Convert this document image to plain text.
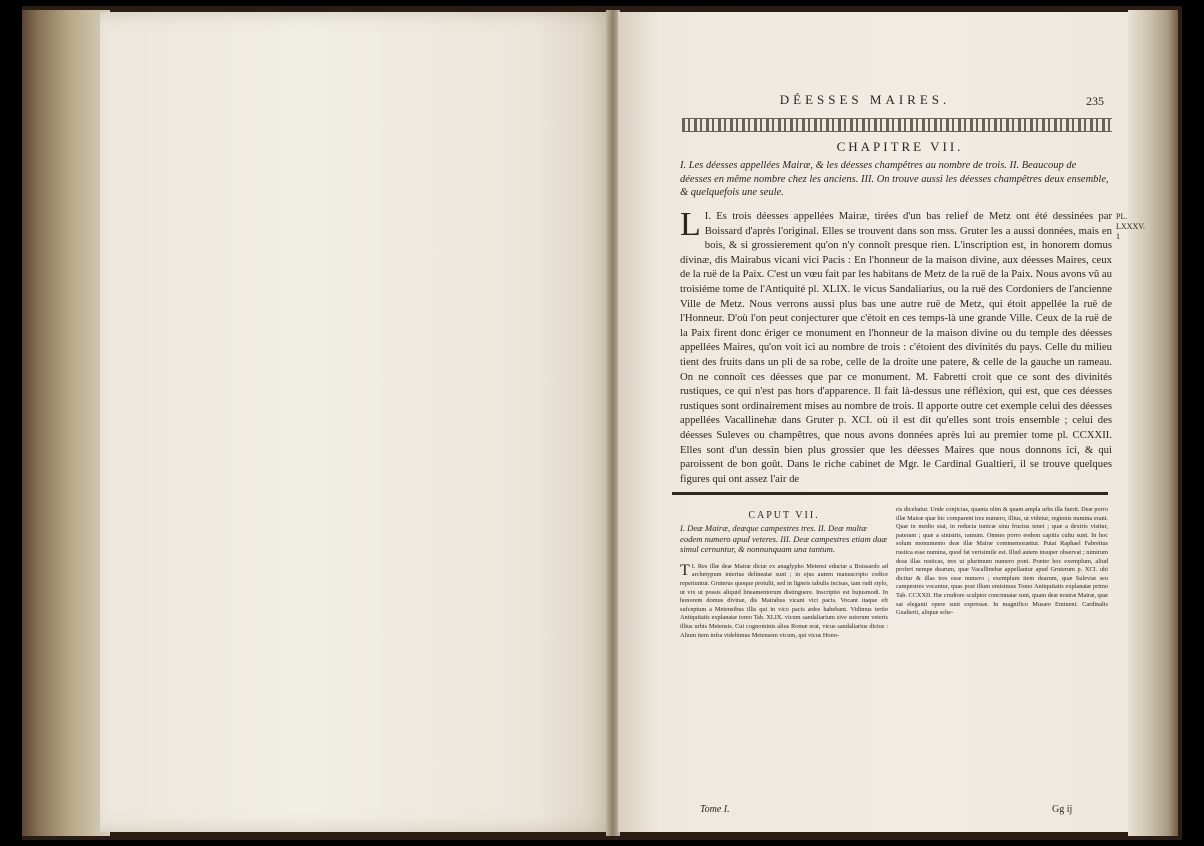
DÉESSES MAIRES.	235
CHAPITRE VII.

I. Les déesses appellées Mairæ, & les déesses champêtres au nombre de trois. II. Beaucoup de déesses en même nombre chez les anciens. III. On trouve aussi les déesses champêtres deux ensemble, & quelquefois une seule.

I.
L Es trois déesses appellées Mairæ, tirées d'un bas relief de Metz ont été dessinées par Boissard d'après l'original. Elles se trouvent dans son mss. Gruter les a aussi données, mais en bois, & si grossierement qu'on n'y connoît presque rien. L'inscription est, in honorem domus divinæ, dis Mairabus vicani vici Pacis : En l'honneur de la maison divine, aux déesses Maires, ceux de la ruë de la Paix. C'est un vœu fait par les habitans de Metz de la ruë de la Paix. Nous avons vû au troisiéme tome de l'Antiquité pl. XLIX. le vicus Sandaliarius, ou la ruë des Cordoniers de l'ancienne Ville de Metz. Nous verrons aussi plus bas une autre ruë de Metz, qui étoit appellée la ruë de l'Honneur. D'où l'on peut conjecturer que c'étoit en ces temps-là une grande Ville. Ceux de la ruë de la Paix firent donc ériger ce monument en l'honneur de la maison divine ou du temple des déesses appellées Maires, qu'on voit ici au nombre de trois : c'étoient des divinités du pays. Celle du milieu tient des fruits dans un pli de sa robe, celle de la droite une patere, & celle de la gauche un rameau. On ne connoît ces déesses que par ce monument. M. Fabretti croit que ce sont des divinités rustiques, ce qui n'est pas hors d'apparence. Il fait là-dessus une réfléxion, qui est, que ces déesses rustiques sont ordinairement mises au nombre de trois. Il apporte outre cet exemple celui des déesses appellées Vacallinehæ dans Gruter p. XCI. où il est dit qu'elles sont trois ensemble ; celui des déesses Suleves ou champêtres, que nous avons données après lui au premier tome pl. CCXXII. Elles sont d'un dessin bien plus grossier que les déesses Maires que nous donnons ici, & qui paroissent de bon goût. Dans le riche cabinet de Mgr. le Cardinal Gualtieri, il se trouve quelques figures qui ont assez l'air de

PL.
LXXXV.
1

CAPUT VII.

I. Deæ Mairæ, deæque campestres tres. II. Deæ multæ eodem numero apud veteres. III. Deæ campestres etiam duæ simul cernuntur, & nonnunquam una tantum.

I.
T Res illæ deæ Mairæ dictæ ex anaglypho Metensi eductæ a Boissardo ad archetypum interius delineatæ sunt ; in ejus autem manuscripto codice reperiuntur. Gruterus quoque protulit, sed in ligneis tabulis incisas, tam rudi stylo, ut vix ut possis aliquid lineamentorum distinguere. Inscriptio est hujusmodi. In honorem domus divinæ, dis Mairabus vicani vici pacis. Vocant itaque eft sufceptum a Metensibus illis qui in vico pacis ædes habebant. Vidimus tertio Antiquitatis explanatæ tomo Tab. XLIX. vicum sandaliarium sive sutorum veteris illius urbis Metensis. Cui cognominis alius Romæ erat, vicus sandaliarius dictus : Alium item infra videbimus Metensem vicum, qui vicus Hono-

ris dicebatur. Unde conjicias, quanta olim & quam ampla urbs illa fuerit. Deæ porro illæ Mairæ quæ hic comparent tres numero, illius, ut videtur, regionis numina erant. Quæ in medio stat, in reducta tunicæ sinu fructus tenet ; quæ a dextris visitur, pateram ; quæ a sinistris, ramum. Omnes porro eodem capitis cultu sunt. In hoc solum monumento deæ illæ Mairæ commemorantur. Putat Raphael Fabrettus rustica esse numina, quod fat verisimile est. Illud autem insuper observat ; nimirum deas illas rusticas, tres ut plurimum numero poni. Præter hoc exemplum, aliud profert nempe dearum, quæ Vacallinehæ appellantur apud Gruterum p. XCI. ubi dicitur & illas tres esse numero ; exemplum item dearum, quæ Suleviæ seu campestres vocantur, quas post illum emisimus Tomo Antiquitatis explanatæ primo Tab. CCXXII. Hæ crudiore sculptor concinnatæ sunt, quam deæ nostræ Mairæ, quæ sat eleganti opere sunt expressæ. In magnifico Musæo Eminent. Cardinalis Gualterii, aliquæ sche-

Tome I.	Gg ij
